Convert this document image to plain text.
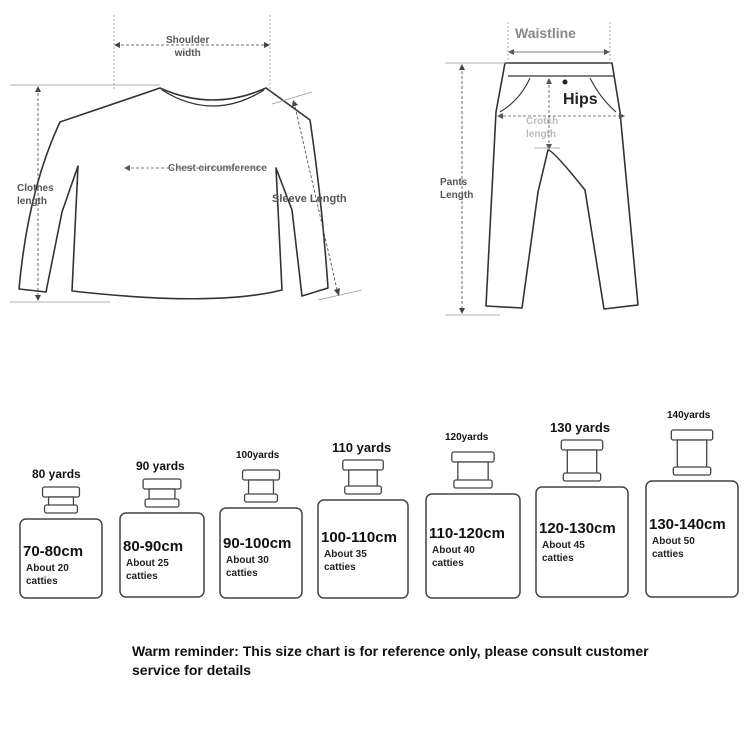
Shoulder
width
Chest circumference
Clothes
length	Sleeve Length
Waistline
Hips
Crotch
length
Pants
Length
80 yards
70-80cm
About 20
catties
90 yards
80-90cm
About 25
catties
100yards
90-100cm
About 30
catties
110 yards
100-110cm
About 35
catties
120yards
110-120cm
About 40
catties
130 yards
120-130cm
About 45
catties
140yards
130-140cm
About 50
catties
Warm reminder: This size chart is for reference only, please consult customer service for details
